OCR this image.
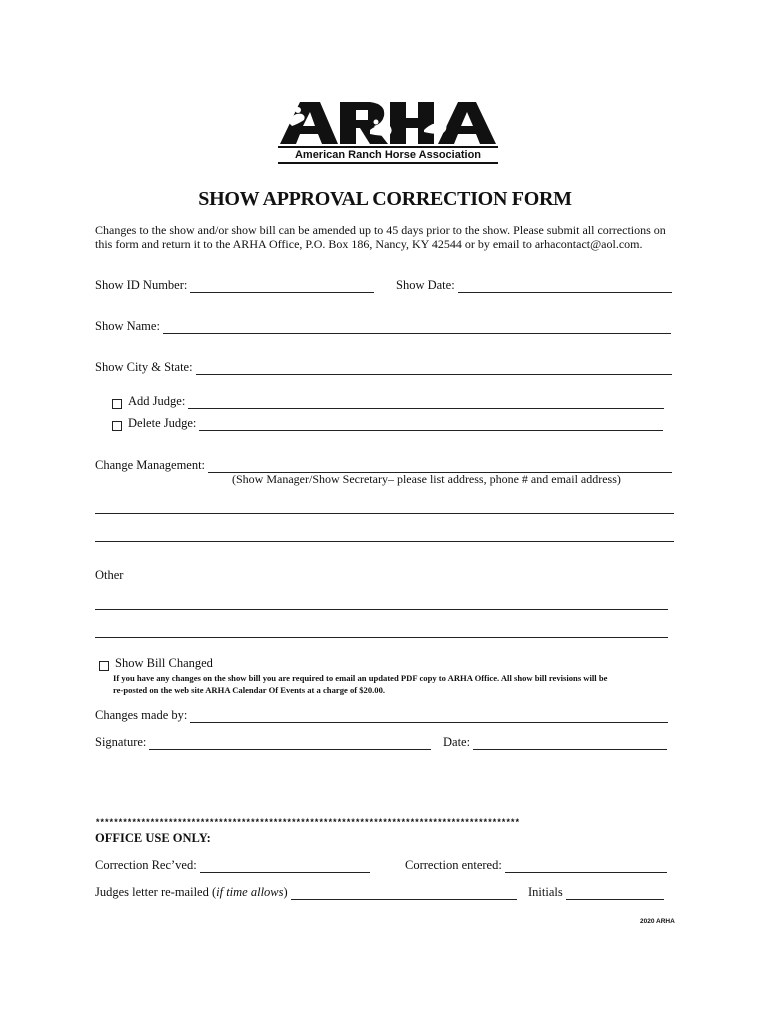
American Ranch Horse Association
SHOW APPROVAL CORRECTION FORM
Changes to the show and/or show bill can be amended up to 45 days prior to the show. Please submit all corrections on this form and return it to the ARHA Office, P.O. Box 186, Nancy, KY 42544 or by email to arhacontact@aol.com.
Show ID Number:	Show Date:
Show Name:
Show City & State:
Add Judge:
Delete Judge:
Change Management:
(Show Manager/Show Secretary– please list address, phone # and email address)
Other
Show Bill Changed
If you have any changes on the show bill you are required to email an updated PDF copy to ARHA Office. All show bill revisions will be
re-posted on the web site ARHA Calendar Of Events at a charge of $20.00.
Changes made by:
Signature:	Date:
*********************************************************************************************
OFFICE USE ONLY:
Correction Rec’ved:	Correction entered:
Judges letter re-mailed ( if time allows )	Initials
2020 ARHA
